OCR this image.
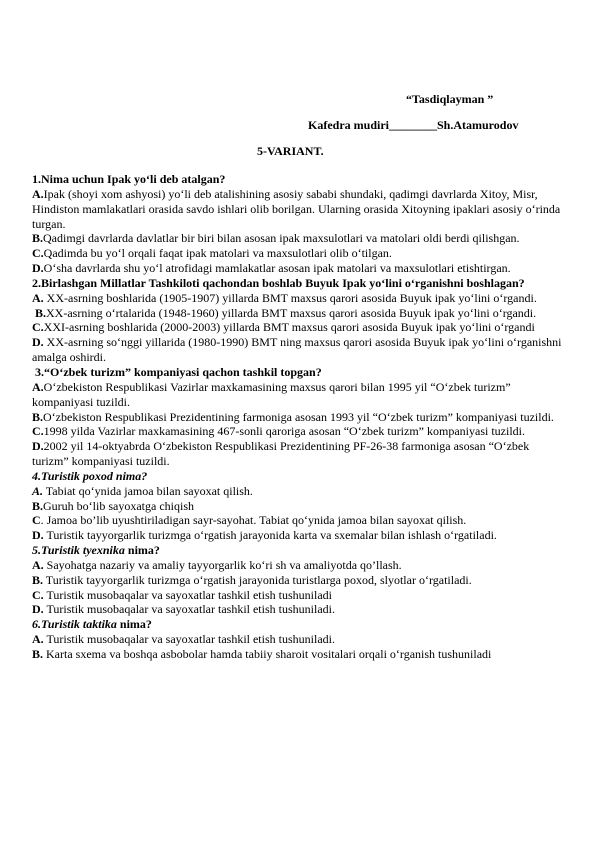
“Tasdiqlayman ”
Kafedra mudiri________Sh.Atamurodov
5-VARIANT.

1.Nima uchun Ipak yo‘li deb atalgan?

A.Ipak (shoyi xom ashyosi) yo‘li deb atalishining asosiy sababi shundaki, qadimgi davrlarda Xitoy, Misr, Hindiston mamlakatlari orasida savdo ishlari olib borilgan. Ularning orasida Xitoyning ipaklari asosiy o‘rinda turgan.

B.Qadimgi davrlarda davlatlar bir biri bilan asosan ipak maxsulotlari va matolari oldi berdi qilishgan.

C.Qadimda bu yo‘l orqali faqat ipak matolari va maxsulotlari olib o‘tilgan.

D.O‘sha davrlarda shu yo‘l atrofidagi mamlakatlar asosan ipak matolari va maxsulotlari etishtirgan.

2.Birlashgan Millatlar Tashkiloti qachondan boshlab Buyuk Ipak yo‘lini o‘rganishni boshlagan?

A. XX-asrning boshlarida (1905-1907) yillarda BMT maxsus qarori asosida Buyuk ipak yo‘lini o‘rgandi.

B.XX-asrning o‘rtalarida (1948-1960) yillarda BMT maxsus qarori asosida Buyuk ipak yo‘lini o‘rgandi.

C.XXI-asrning boshlarida (2000-2003) yillarda BMT maxsus qarori asosida Buyuk ipak yo‘lini o‘rgandi

D. XX-asrning so‘nggi yillarida (1980-1990) BMT ning maxsus qarori asosida Buyuk ipak yo‘lini o‘rganishni amalga oshirdi.

3.“O‘zbek turizm” kompaniyasi qachon tashkil topgan?

A.O‘zbekiston Respublikasi Vazirlar maxkamasining maxsus qarori bilan 1995 yil “O‘zbek turizm” kompaniyasi tuzildi.

B.O‘zbekiston Respublikasi Prezidentining farmoniga asosan 1993 yil “O‘zbek turizm” kompaniyasi tuzildi.

C.1998 yilda Vazirlar maxkamasining 467-sonli qaroriga asosan “O‘zbek turizm” kompaniyasi tuzildi.

D.2002 yil 14-oktyabrda O‘zbekiston Respublikasi Prezidentining PF-26-38 farmoniga asosan “O‘zbek turizm” kompaniyasi tuzildi.

4.Turistik poxod nima?

A. Tabiat qo‘ynida jamoa bilan sayoxat qilish.

B.Guruh bo‘lib sayoxatga chiqish

C. Jamoa bo’lib uyushtiriladigan sayr-sayohat. Tabiat qo‘ynida jamoa bilan sayoxat qilish.

D. Turistik tayyorgarlik turizmga o‘rgatish jarayonida karta va sxemalar bilan ishlash o‘rgatiladi.

5.Turistik tyexnika nima?

A. Sayohatga nazariy va amaliy tayyorgarlik ko‘ri sh va amaliyotda qo’llash.

B. Turistik tayyorgarlik turizmga o‘rgatish jarayonida turistlarga poxod, slyotlar o‘rgatiladi.

C. Turistik musobaqalar va sayoxatlar tashkil etish tushuniladi

D. Turistik musobaqalar va sayoxatlar tashkil etish tushuniladi.

6.Turistik taktika nima?

A. Turistik musobaqalar va sayoxatlar tashkil etish tushuniladi.

B. Karta sxema va boshqa asbobolar hamda tabiiy sharoit vositalari orqali o‘rganish tushuniladi
